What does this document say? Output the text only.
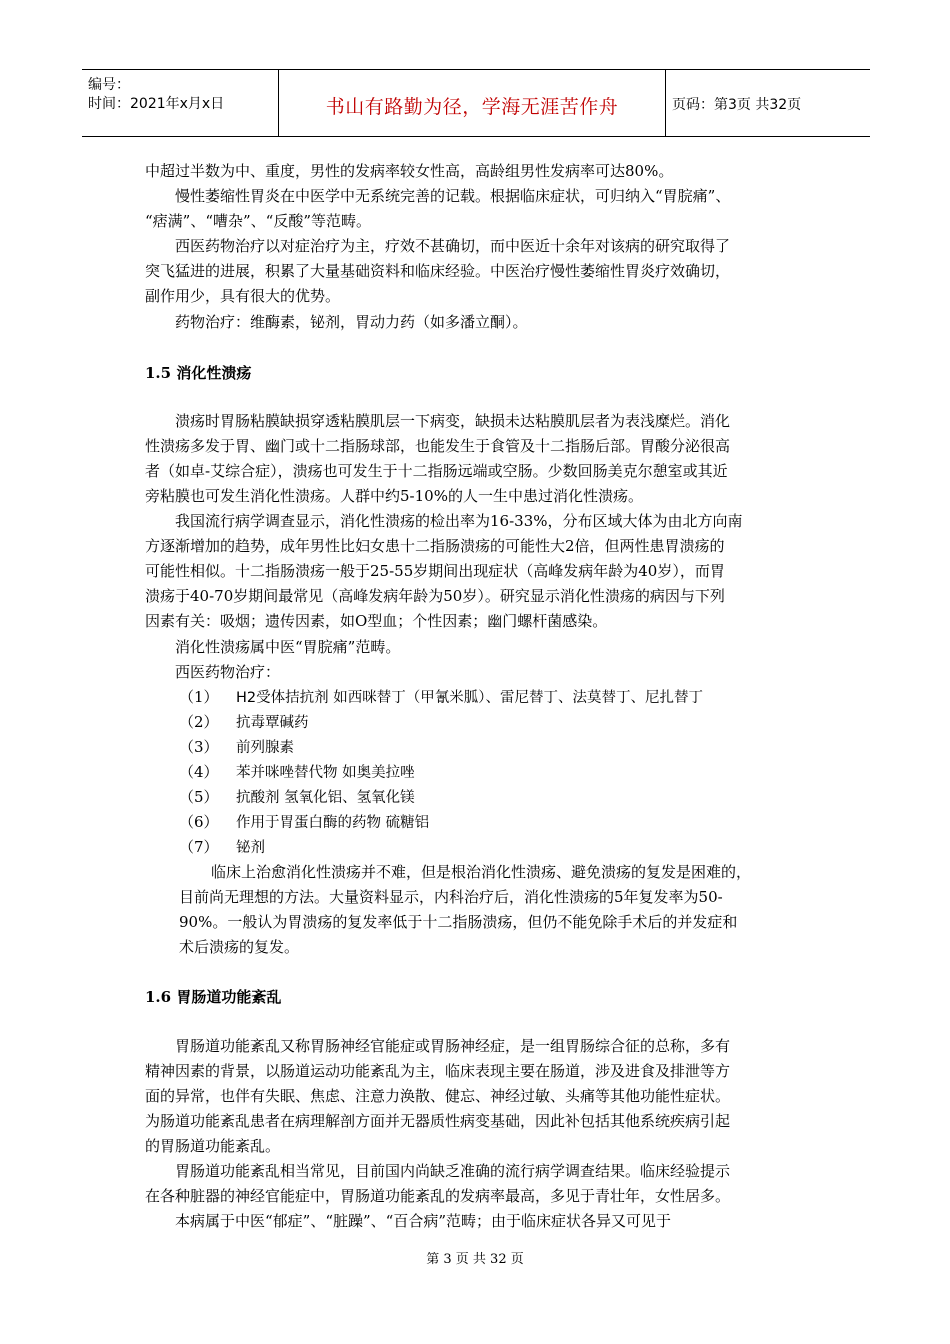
编号：
时间：2021年x月x日	书山有路勤为径，学海无涯苦作舟	页码：第3页 共32页
中超过半数为中、重度，男性的发病率较女性高，高龄组男性发病率可达80%。
慢性萎缩性胃炎在中医学中无系统完善的记载。根据临床症状，可归纳入“胃脘痛”、
“痞满”、“嘈杂”、“反酸”等范畴。
西医药物治疗以对症治疗为主，疗效不甚确切，而中医近十余年对该病的研究取得了
突飞猛进的进展，积累了大量基础资料和临床经验。中医治疗慢性萎缩性胃炎疗效确切，
副作用少，具有很大的优势。
药物治疗：维酶素，铋剂，胃动力药（如多潘立酮）。
1.5 消化性溃疡
溃疡时胃肠粘膜缺损穿透粘膜肌层一下病变，缺损未达粘膜肌层者为表浅糜烂。消化
性溃疡多发于胃、幽门或十二指肠球部，也能发生于食管及十二指肠后部。胃酸分泌很高
者（如卓-艾综合症），溃疡也可发生于十二指肠远端或空肠。少数回肠美克尔憩室或其近
旁粘膜也可发生消化性溃疡。人群中约5-10%的人一生中患过消化性溃疡。
我国流行病学调查显示，消化性溃疡的检出率为16-33%，分布区域大体为由北方向南
方逐渐增加的趋势，成年男性比妇女患十二指肠溃疡的可能性大2倍，但两性患胃溃疡的
可能性相似。十二指肠溃疡一般于25-55岁期间出现症状（高峰发病年龄为40岁），而胃
溃疡于40-70岁期间最常见（高峰发病年龄为50岁）。研究显示消化性溃疡的病因与下列
因素有关：吸烟；遗传因素，如O型血；个性因素；幽门螺杆菌感染。
消化性溃疡属中医“胃脘痛”范畴。
西医药物治疗：
（1） H2受体拮抗剂 如西咪替丁（甲氰米胍）、雷尼替丁、法莫替丁、尼扎替丁
（2） 抗毒覃碱药
（3） 前列腺素
（4） 苯并咪唑替代物 如奥美拉唑
（5） 抗酸剂 氢氧化铝、氢氧化镁
（6） 作用于胃蛋白酶的药物 硫糖铝
（7） 铋剂
临床上治愈消化性溃疡并不难，但是根治消化性溃疡、避免溃疡的复发是困难的，
目前尚无理想的方法。大量资料显示，内科治疗后，消化性溃疡的5年复发率为50-
90%。一般认为胃溃疡的复发率低于十二指肠溃疡，但仍不能免除手术后的并发症和
术后溃疡的复发。
1.6 胃肠道功能紊乱
胃肠道功能紊乱又称胃肠神经官能症或胃肠神经症，是一组胃肠综合征的总称，多有
精神因素的背景，以肠道运动功能紊乱为主，临床表现主要在肠道，涉及进食及排泄等方
面的异常，也伴有失眠、焦虑、注意力涣散、健忘、神经过敏、头痛等其他功能性症状。
为肠道功能紊乱患者在病理解剖方面并无器质性病变基础，因此补包括其他系统疾病引起
的胃肠道功能紊乱。
胃肠道功能紊乱相当常见，目前国内尚缺乏准确的流行病学调查结果。临床经验提示
在各种脏器的神经官能症中，胃肠道功能紊乱的发病率最高，多见于青壮年，女性居多。
本病属于中医“郁症”、“脏躁”、“百合病”范畴；由于临床症状各异又可见于
第 3 页 共 32 页
